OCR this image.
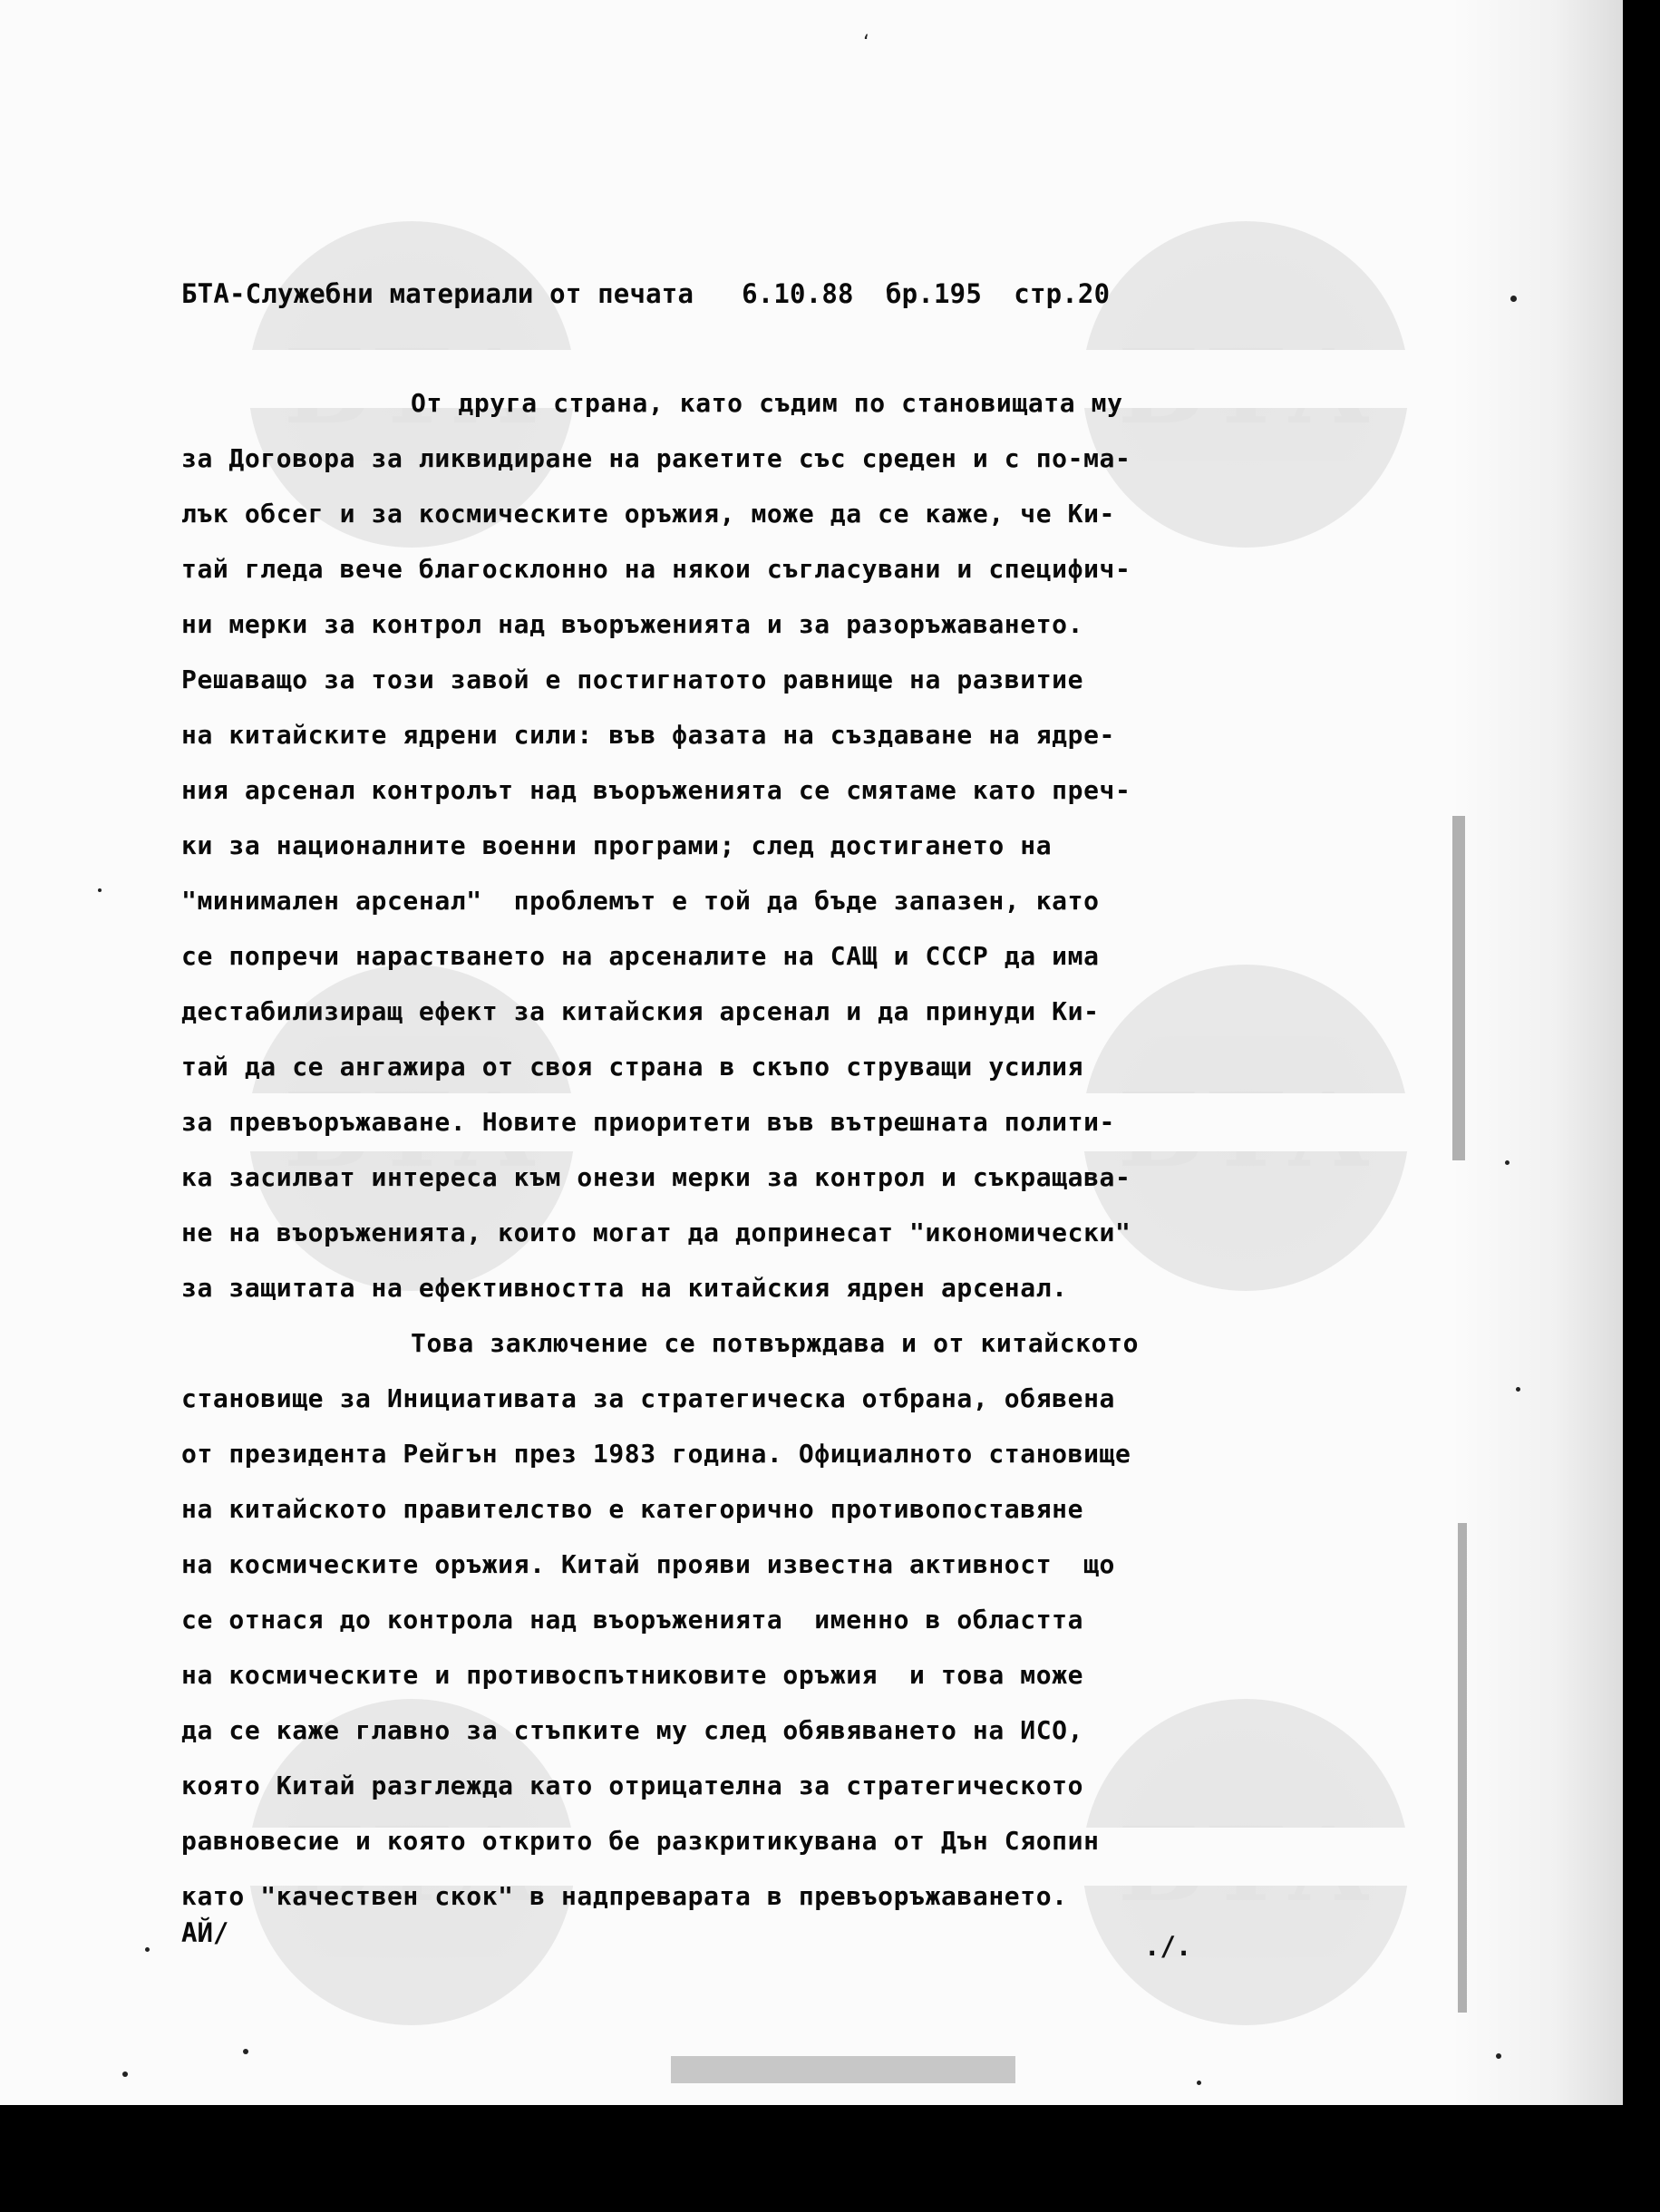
БТА-Служебни материали от печата   6.10.88  бр.195  стр.20
От друга страна, като съдим по становищата му
за Договора за ликвидиране на ракетите със среден и с по-ма-
лък обсег и за космическите оръжия, може да се каже, че Ки-
тай гледа вече благосклонно на някои съгласувани и специфич-
ни мерки за контрол над въоръженията и за разоръжаването.
Решаващо за този завой е постигнатото равнище на развитие
на китайските ядрени сили: във фазата на създаване на ядре-
ния арсенал контролът над въоръженията се смятаме като преч-
ки за националните военни програми; след достигането на
"минимален арсенал"  проблемът е той да бъде запазен, като
се попречи нарастването на арсеналите на САЩ и СССР да има
дестабилизиращ ефект за китайския арсенал и да принуди Ки-
тай да се ангажира от своя страна в скъпо струващи усилия
за превъоръжаване. Новите приоритети във вътрешната полити-
ка засилват интереса към онези мерки за контрол и съкращава-
не на въоръженията, които могат да допринесат "икономически"
за защитата на ефективността на китайския ядрен арсенал.
Това заключение се потвърждава и от китайското
становище за Инициативата за стратегическа отбрана, обявена
от президента Рейгън през 1983 година. Официалното становище
на китайското правителство е категорично противопоставяне
на космическите оръжия. Китай прояви известна активност  що
се отнася до контрола над въоръженията  именно в областта
на космическите и противоспътниковите оръжия  и това може
да се каже главно за стъпките му след обявяването на ИСО,
която Китай разглежда като отрицателна за стратегическото
равновесие и която открито бе разкритикувана от Дън Сяопин
като "качествен скок" в надпреварата в превъоръжаването.
АЙ/	./.
ʻ
